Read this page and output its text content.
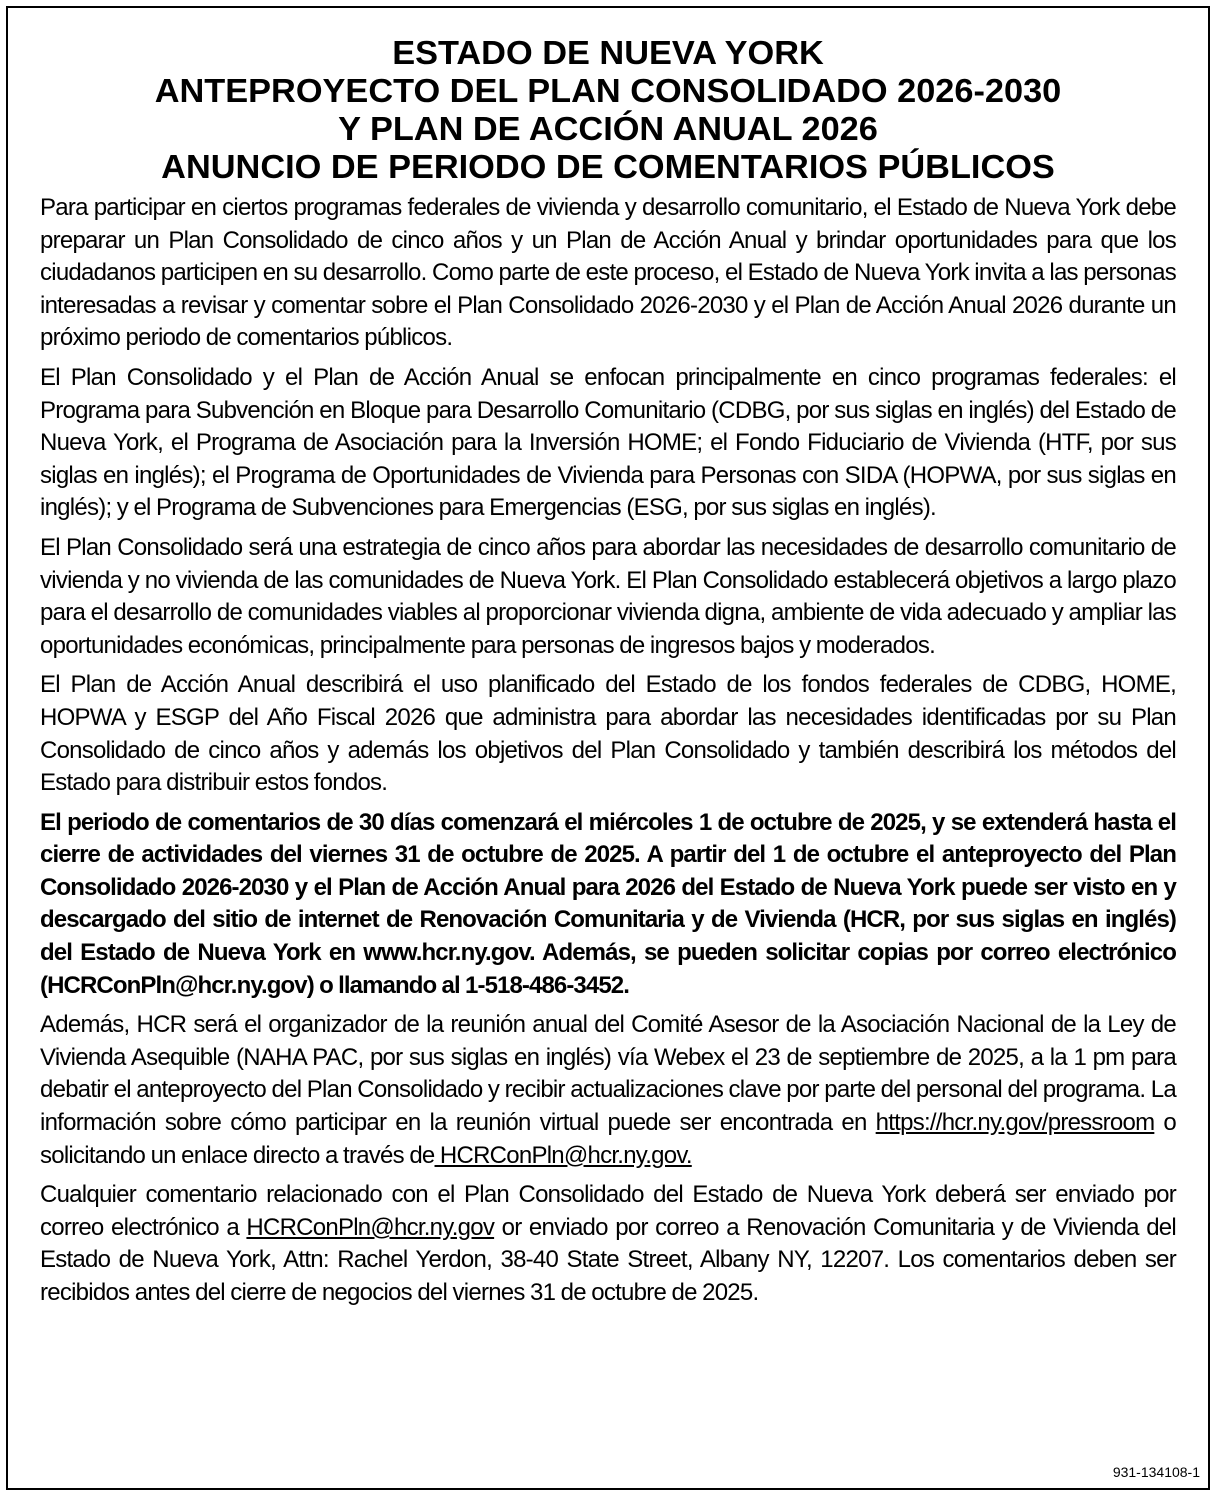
ESTADO DE NUEVA YORK
ANTEPROYECTO DEL PLAN CONSOLIDADO 2026-2030
Y PLAN DE ACCIÓN ANUAL 2026
ANUNCIO DE PERIODO DE COMENTARIOS PÚBLICOS

Para participar en ciertos programas federales de vivienda y desarrollo comunitario, el Estado de Nueva York debe preparar un Plan Consolidado de cinco años y un Plan de Acción Anual y brindar oportunidades para que los ciudadanos participen en su desarrollo. Como parte de este proceso, el Estado de Nueva York invita a las personas interesadas a revisar y comentar sobre el Plan Consolidado 2026-2030 y el Plan de Acción Anual 2026 durante un próximo periodo de comentarios públicos.

El Plan Consolidado y el Plan de Acción Anual se enfocan principalmente en cinco programas federales: el Programa para Subvención en Bloque para Desarrollo Comunitario (CDBG, por sus siglas en inglés) del Estado de Nueva York, el Programa de Asociación para la Inversión HOME; el Fondo Fiduciario de Vivienda (HTF, por sus siglas en inglés); el Programa de Oportunidades de Vivienda para Personas con SIDA (HOPWA, por sus siglas en inglés); y el Programa de Subvenciones para Emergencias (ESG, por sus siglas en inglés).

El Plan Consolidado será una estrategia de cinco años para abordar las necesidades de desarrollo comunitario de vivienda y no vivienda de las comunidades de Nueva York. El Plan Consolidado establecerá objetivos a largo plazo para el desarrollo de comunidades viables al proporcionar vivienda digna, ambiente de vida adecuado y ampliar las oportunidades económicas, principalmente para personas de ingresos bajos y moderados.

El Plan de Acción Anual describirá el uso planificado del Estado de los fondos federales de CDBG, HOME, HOPWA y ESGP del Año Fiscal 2026 que administra para abordar las necesidades identificadas por su Plan Consolidado de cinco años y además los objetivos del Plan Consolidado y también describirá los métodos del Estado para distribuir estos fondos.

El periodo de comentarios de 30 días comenzará el miércoles 1 de octubre de 2025, y se extenderá hasta el cierre de actividades del viernes 31 de octubre de 2025. A partir del 1 de octubre el anteproyecto del Plan Consolidado 2026-2030 y el Plan de Acción Anual para 2026 del Estado de Nueva York puede ser visto en y descargado del sitio de internet de Renovación Comunitaria y de Vivienda (HCR, por sus siglas en inglés) del Estado de Nueva York en www.hcr.ny.gov. Además, se pueden solicitar copias por correo electrónico (HCRConPln@hcr.ny.gov) o llamando al 1-518-486-3452.

Además, HCR será el organizador de la reunión anual del Comité Asesor de la Asociación Nacional de la Ley de Vivienda Asequible (NAHA PAC, por sus siglas en inglés) vía Webex el 23 de septiembre de 2025, a la 1 pm para debatir el anteproyecto del Plan Consolidado y recibir actualizaciones clave por parte del personal del programa. La información sobre cómo participar en la reunión virtual puede ser encontrada en https://hcr.ny.gov/pressroom o solicitando un enlace directo a través de HCRConPln@hcr.ny.gov.

Cualquier comentario relacionado con el Plan Consolidado del Estado de Nueva York deberá ser enviado por correo electrónico a HCRConPln@hcr.ny.gov or enviado por correo a Renovación Comunitaria y de Vivienda del Estado de Nueva York, Attn: Rachel Yerdon, 38-40 State Street, Albany NY, 12207. Los comentarios deben ser recibidos antes del cierre de negocios del viernes 31 de octubre de 2025.

931-134108-1
